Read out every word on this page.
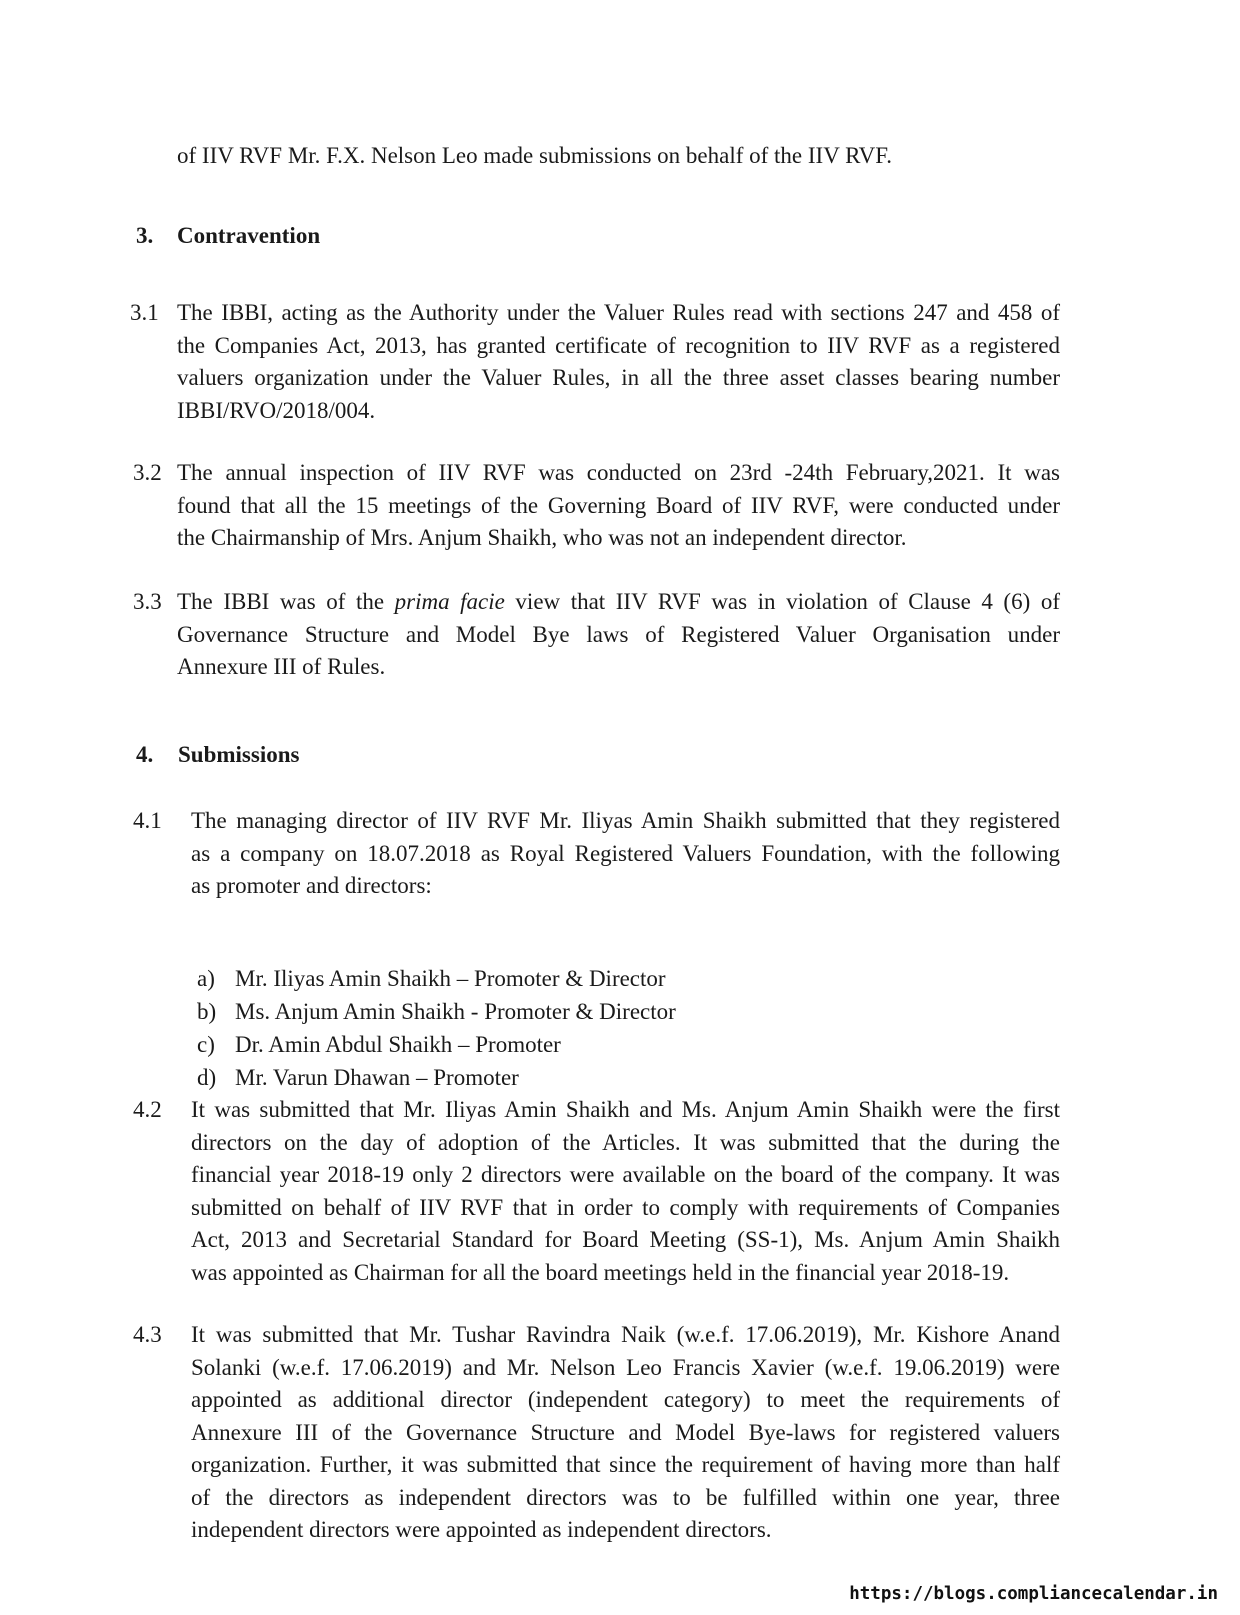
of IIV RVF Mr. F.X. Nelson Leo made submissions on behalf of the IIV RVF.
3. Contravention
3.1 The IBBI, acting as the Authority under the Valuer Rules read with sections 247 and 458 of
the Companies Act, 2013, has granted certificate of recognition to IIV RVF as a registered
valuers organization under the Valuer Rules, in all the three asset classes bearing number
IBBI/RVO/2018/004.
3.2 The annual inspection of IIV RVF was conducted on 23rd -24th February,2021. It was
found that all the 15 meetings of the Governing Board of IIV RVF, were conducted under
the Chairmanship of Mrs. Anjum Shaikh, who was not an independent director.
3.3 The IBBI was of the prima facie view that IIV RVF was in violation of Clause 4 (6) of
Governance Structure and Model Bye laws of Registered Valuer Organisation under
Annexure III of Rules.
4. Submissions
4.1 The managing director of IIV RVF Mr. Iliyas Amin Shaikh submitted that they registered
as a company on 18.07.2018 as Royal Registered Valuers Foundation, with the following
as promoter and directors:
a) Mr. Iliyas Amin Shaikh – Promoter & Director
b) Ms. Anjum Amin Shaikh - Promoter & Director
c) Dr. Amin Abdul Shaikh – Promoter
d) Mr. Varun Dhawan – Promoter
4.2 It was submitted that Mr. Iliyas Amin Shaikh and Ms. Anjum Amin Shaikh were the first
directors on the day of adoption of the Articles. It was submitted that the during the
financial year 2018-19 only 2 directors were available on the board of the company. It was
submitted on behalf of IIV RVF that in order to comply with requirements of Companies
Act, 2013 and Secretarial Standard for Board Meeting (SS-1), Ms. Anjum Amin Shaikh
was appointed as Chairman for all the board meetings held in the financial year 2018-19.
4.3 It was submitted that Mr. Tushar Ravindra Naik (w.e.f. 17.06.2019), Mr. Kishore Anand
Solanki (w.e.f. 17.06.2019) and Mr. Nelson Leo Francis Xavier (w.e.f. 19.06.2019) were
appointed as additional director (independent category) to meet the requirements of
Annexure III of the Governance Structure and Model Bye-laws for registered valuers
organization. Further, it was submitted that since the requirement of having more than half
of the directors as independent directors was to be fulfilled within one year, three
independent directors were appointed as independent directors.
https://blogs.compliancecalendar.in
